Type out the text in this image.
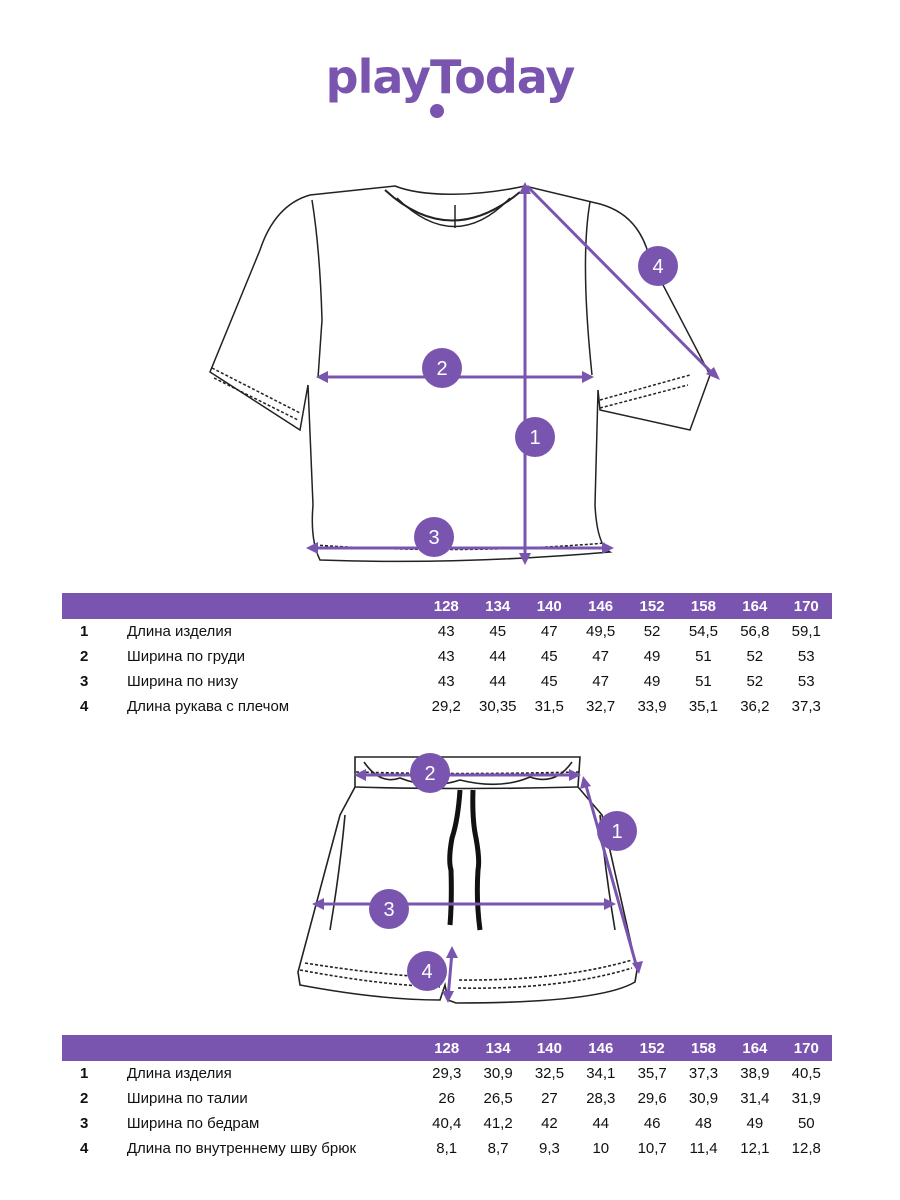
playToday
1
2
3
4
		128	134	140	146	152	158	164	170
1	Длина изделия	43	45	47	49,5	52	54,5	56,8	59,1
2	Ширина по груди	43	44	45	47	49	51	52	53
3	Ширина по низу	43	44	45	47	49	51	52	53
4	Длина рукава с плечом	29,2	30,35	31,5	32,7	33,9	35,1	36,2	37,3
1
2
3
4
		128	134	140	146	152	158	164	170
1	Длина изделия	29,3	30,9	32,5	34,1	35,7	37,3	38,9	40,5
2	Ширина по талии	26	26,5	27	28,3	29,6	30,9	31,4	31,9
3	Ширина по бедрам	40,4	41,2	42	44	46	48	49	50
4	Длина по внутреннему шву брюк	8,1	8,7	9,3	10	10,7	11,4	12,1	12,8
